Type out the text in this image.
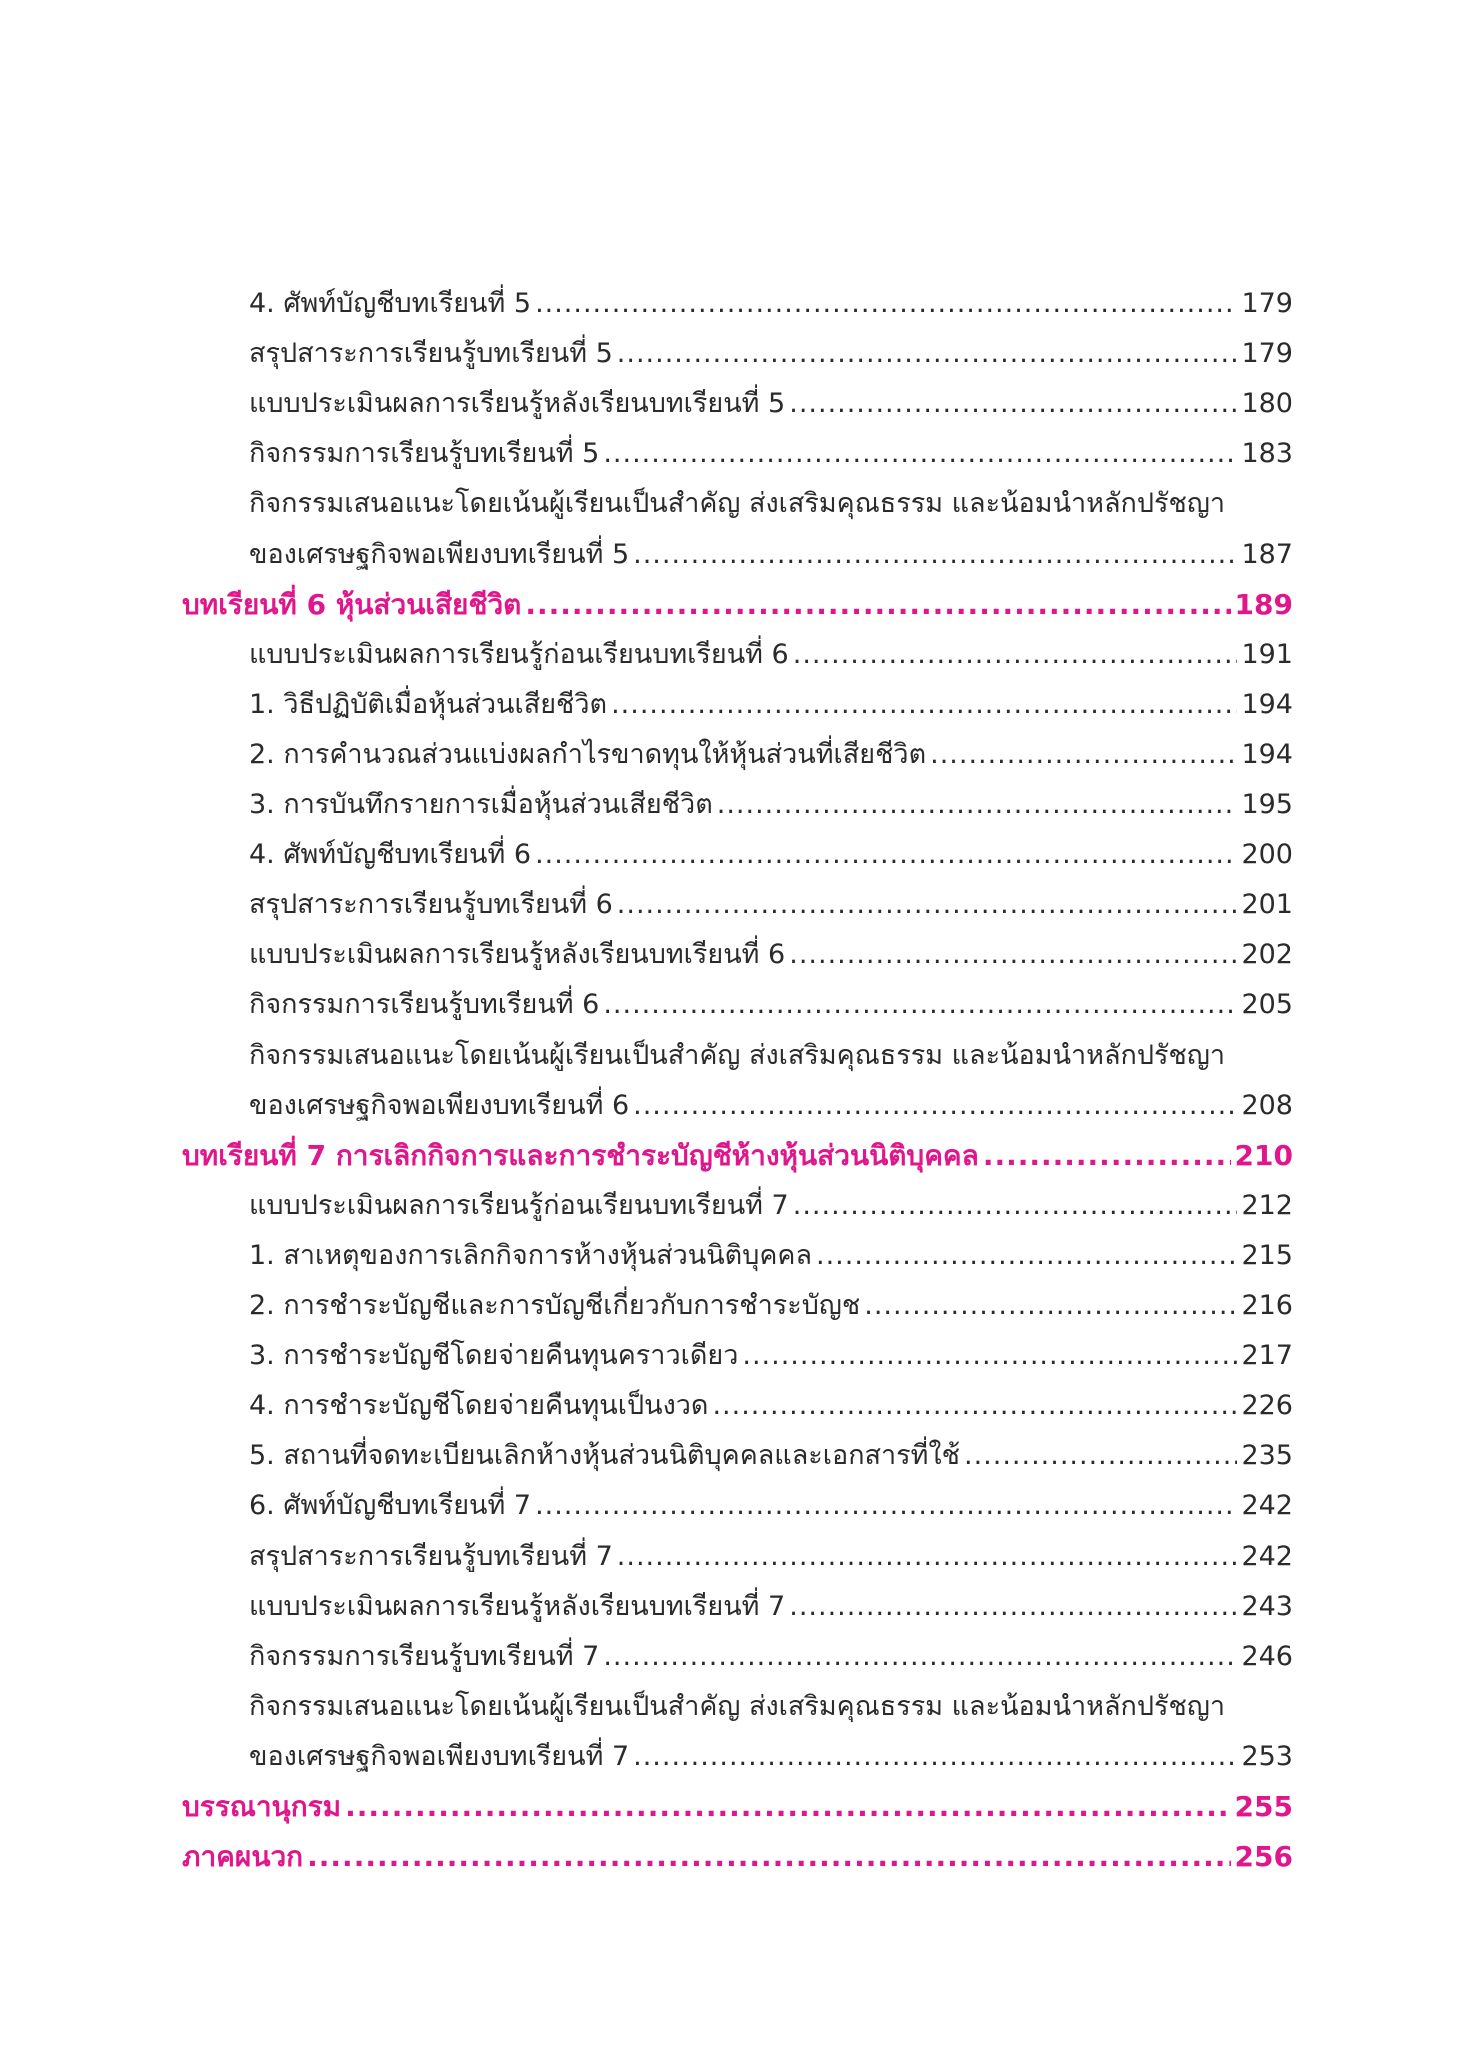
4. ศัพท์บัญชีบทเรียนที่ 5 .....	179
สรุปสาระการเรียนรู้บทเรียนที่ 5 .....	179
แบบประเมินผลการเรียนรู้หลังเรียนบทเรียนที่ 5 .....	180
กิจกรรมการเรียนรู้บทเรียนที่ 5 .....	183
กิจกรรมเสนอแนะโดยเน้นผู้เรียนเป็นสำคัญ ส่งเสริมคุณธรรม และน้อมนำหลักปรัชญา
ของเศรษฐกิจพอเพียงบทเรียนที่ 5 .....	187
บทเรียนที่ 6 หุ้นส่วนเสียชีวิต .....	189
แบบประเมินผลการเรียนรู้ก่อนเรียนบทเรียนที่ 6 .....	191
1. วิธีปฏิบัติเมื่อหุ้นส่วนเสียชีวิต .....	194
2. การคำนวณส่วนแบ่งผลกำไรขาดทุนให้หุ้นส่วนที่เสียชีวิต .....	194
3. การบันทึกรายการเมื่อหุ้นส่วนเสียชีวิต .....	195
4. ศัพท์บัญชีบทเรียนที่ 6 .....	200
สรุปสาระการเรียนรู้บทเรียนที่ 6 .....	201
แบบประเมินผลการเรียนรู้หลังเรียนบทเรียนที่ 6 .....	202
กิจกรรมการเรียนรู้บทเรียนที่ 6 .....	205
กิจกรรมเสนอแนะโดยเน้นผู้เรียนเป็นสำคัญ ส่งเสริมคุณธรรม และน้อมนำหลักปรัชญา
ของเศรษฐกิจพอเพียงบทเรียนที่ 6 .....	208
บทเรียนที่ 7 การเลิกกิจการและการชำระบัญชีห้างหุ้นส่วนนิติบุคคล .....	210
แบบประเมินผลการเรียนรู้ก่อนเรียนบทเรียนที่ 7 .....	212
1. สาเหตุของการเลิกกิจการห้างหุ้นส่วนนิติบุคคล .....	215
2. การชำระบัญชีและการบัญชีเกี่ยวกับการชำระบัญช .....	216
3. การชำระบัญชีโดยจ่ายคืนทุนคราวเดียว .....	217
4. การชำระบัญชีโดยจ่ายคืนทุนเป็นงวด .....	226
5. สถานที่จดทะเบียนเลิกห้างหุ้นส่วนนิติบุคคลและเอกสารที่ใช้ .....	235
6. ศัพท์บัญชีบทเรียนที่ 7 .....	242
สรุปสาระการเรียนรู้บทเรียนที่ 7 .....	242
แบบประเมินผลการเรียนรู้หลังเรียนบทเรียนที่ 7 .....	243
กิจกรรมการเรียนรู้บทเรียนที่ 7 .....	246
กิจกรรมเสนอแนะโดยเน้นผู้เรียนเป็นสำคัญ ส่งเสริมคุณธรรม และน้อมนำหลักปรัชญา
ของเศรษฐกิจพอเพียงบทเรียนที่ 7 .....	253
บรรณานุกรม .....	255
ภาคผนวก .....	256
